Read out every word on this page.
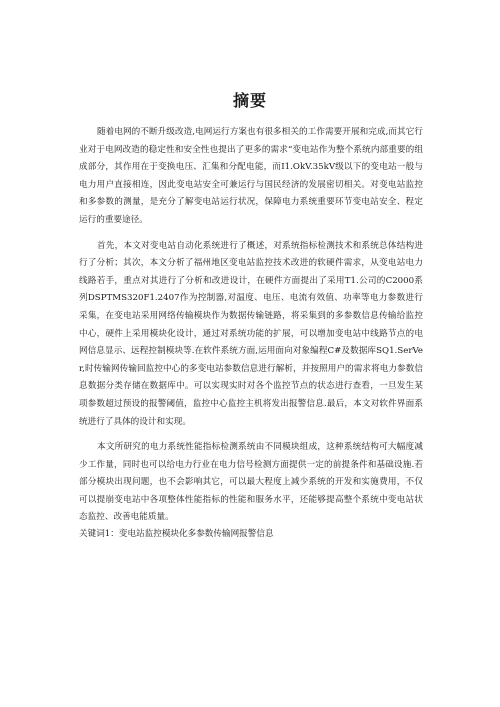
摘要

随着电网的不断升级改造,电网运行方案也有很多相关的工作需要开展和完成,而其它行业对于电网改造的稳定性和安全性也提出了更多的需求“变电站作为整个系统内部重要的组成部分，其作用在于变换电压、汇集和分配电能，而I1.OkV.35kV级以下的变电站一般与电力用户直接相连，因此变电站安全可兼运行与国民经济的发展密切相关。对变电站监控和多参数的测量，是充分了解变电站运行状况，保障电力系统重要环节变电站安全、程定运行的重要途径。

首先，本文对变电站自动化系统进行了概述，对系统指标检测技术和系统总体结构进行了分析；其次，本文分析了福州地区变电站监控技术改进的软硬件需求，从变电站电力线路若手，重点对其进行了分析和改进设计，在硬件方面提出了采用T1.公司的C2000系列DSPTMS320F1.2407作为控制器,对温度、电压、电流有效值、功率等电力参数进行采集，在变电站采用网络传输模块作为数据传输链路，将采集到的多参数信息传输给监控中心，硬件上采用模块化设计，通过对系统功能的扩展，可以增加变电站中线路节点的电网信息显示、远程控制模块等.在软件系统方面,运用面向对象编程C#及数据库SQ1.SerVer,时传输网传输回监控中心的多变电站参数信息进行解析，并按照用户的需求将电力参数信息数据分类存储在数据库中。可以实现实时对各个监控节点的状态进行查看，一旦发生某项参数超过预设的报警阈值，监控中心监控主机将发出报警信息.最后，本文对软件界面系统进行了具体的设计和实现。

本文所研究的电力系统性能指标检测系统由不同模块组成，这种系统结构可大幅度减少工作量，同时也可以给电力行业在电力信号检测方面提供一定的前提条件和基础设施.若部分模块出现问题，也不会影响其它，可以最大程度上减少系统的开发和实施费用，不仅可以提崩变电站中各项整体性能指标的性能和服务水平，还能够提高整个系统中变电站状态监控、改善电能质量。

关键词1：变电站监控模块化多参数传输网报警信息
